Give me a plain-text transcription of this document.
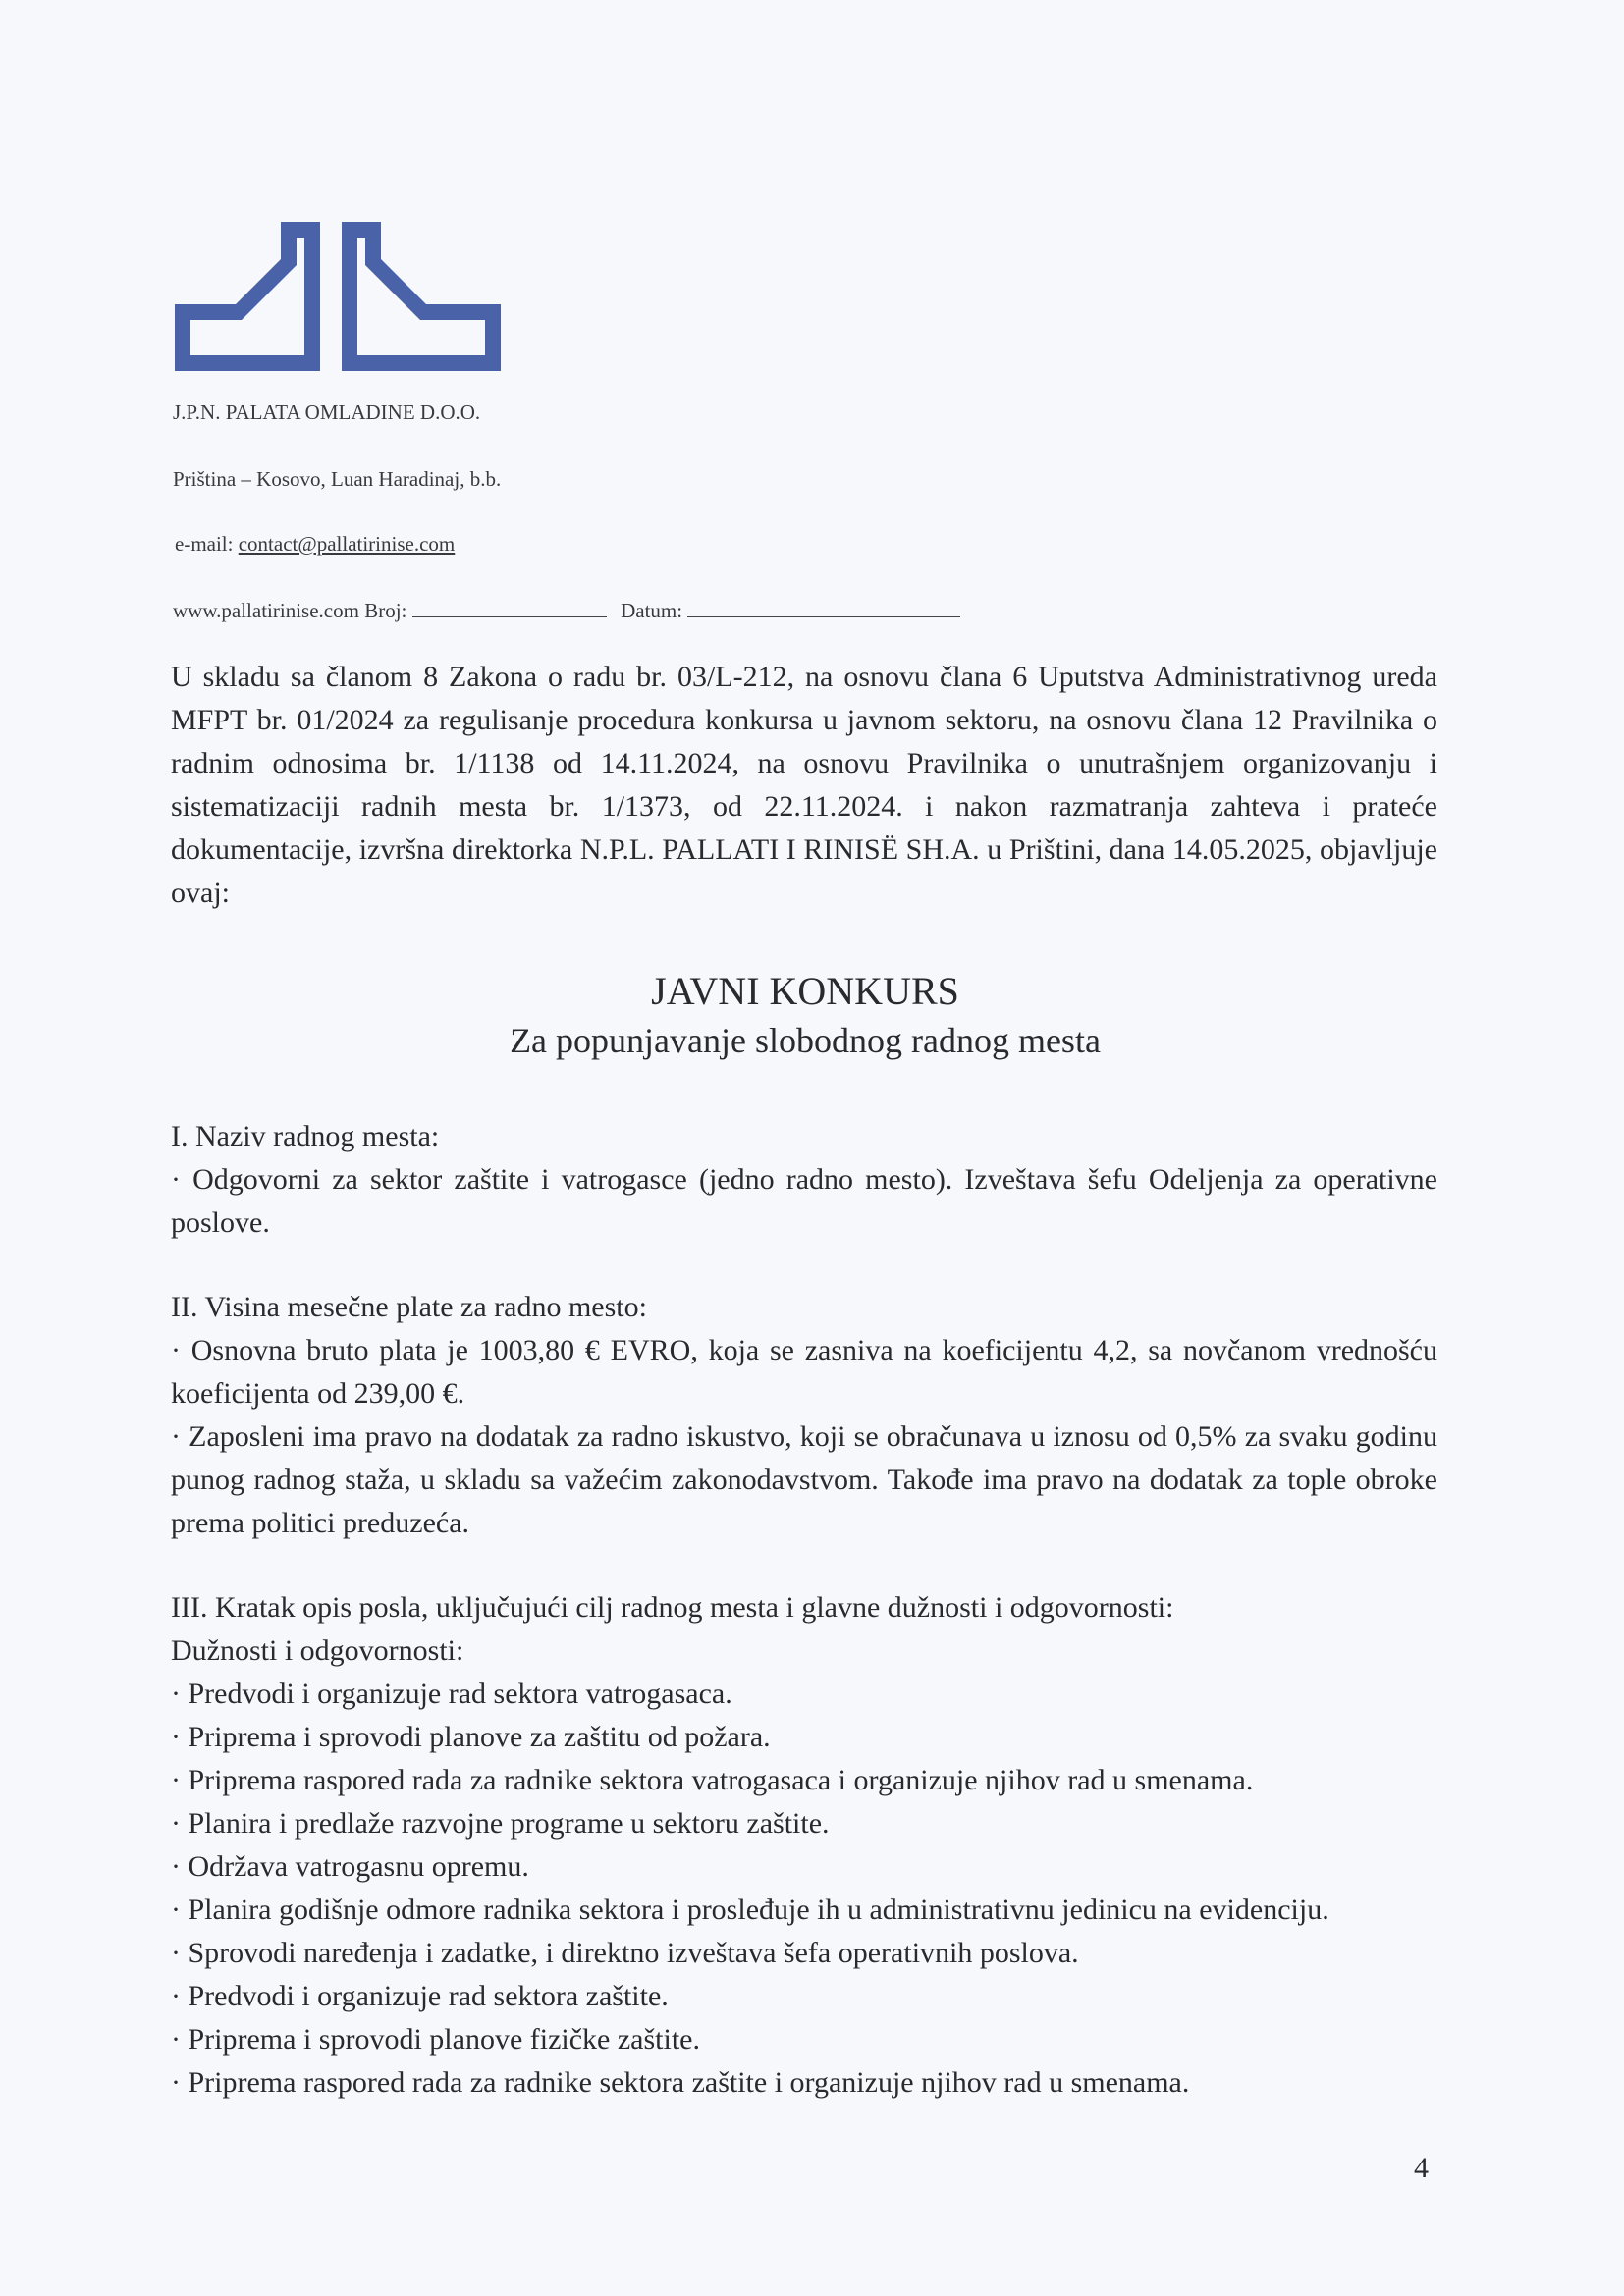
J.P.N. PALATA OMLADINE D.O.O.
Priština – Kosovo, Luan Haradinaj, b.b.
e-mail: contact@pallatirinise.com
www.pallatirinise.com Broj:	Datum:
U skladu sa članom 8 Zakona o radu br. 03/L-212, na osnovu člana 6 Uputstva Administrativnog ureda MFPT br. 01/2024 za regulisanje procedura konkursa u javnom sektoru, na osnovu člana 12 Pravilnika o radnim odnosima br. 1/1138 od 14.11.2024, na osnovu Pravilnika o unutrašnjem organizovanju i sistematizaciji radnih mesta br. 1/1373, od 22.11.2024. i nakon razmatranja zahteva i prateće dokumentacije, izvršna direktorka N.P.L. PALLATI I RINISË SH.A. u Prištini, dana 14.05.2025, objavljuje ovaj:
JAVNI KONKURS
Za popunjavanje slobodnog radnog mesta

I. Naziv radnog mesta:

· Odgovorni za sektor zaštite i vatrogasce (jedno radno mesto). Izveštava šefu Odeljenja za operativne poslove.

II. Visina mesečne plate za radno mesto:

· Osnovna bruto plata je 1003,80 € EVRO, koja se zasniva na koeficijentu 4,2, sa novčanom vrednošću koeficijenta od 239,00 €.

· Zaposleni ima pravo na dodatak za radno iskustvo, koji se obračunava u iznosu od 0,5% za svaku godinu punog radnog staža, u skladu sa važećim zakonodavstvom. Takođe ima pravo na dodatak za tople obroke prema politici preduzeća.

III. Kratak opis posla, uključujući cilj radnog mesta i glavne dužnosti i odgovornosti:

Dužnosti i odgovornosti:

· Predvodi i organizuje rad sektora vatrogasaca.

· Priprema i sprovodi planove za zaštitu od požara.

· Priprema raspored rada za radnike sektora vatrogasaca i organizuje njihov rad u smenama.

· Planira i predlaže razvojne programe u sektoru zaštite.

· Održava vatrogasnu opremu.

· Planira godišnje odmore radnika sektora i prosleđuje ih u administrativnu jedinicu na evidenciju.

· Sprovodi naređenja i zadatke, i direktno izveštava šefa operativnih poslova.

· Predvodi i organizuje rad sektora zaštite.

· Priprema i sprovodi planove fizičke zaštite.

· Priprema raspored rada za radnike sektora zaštite i organizuje njihov rad u smenama.

4
